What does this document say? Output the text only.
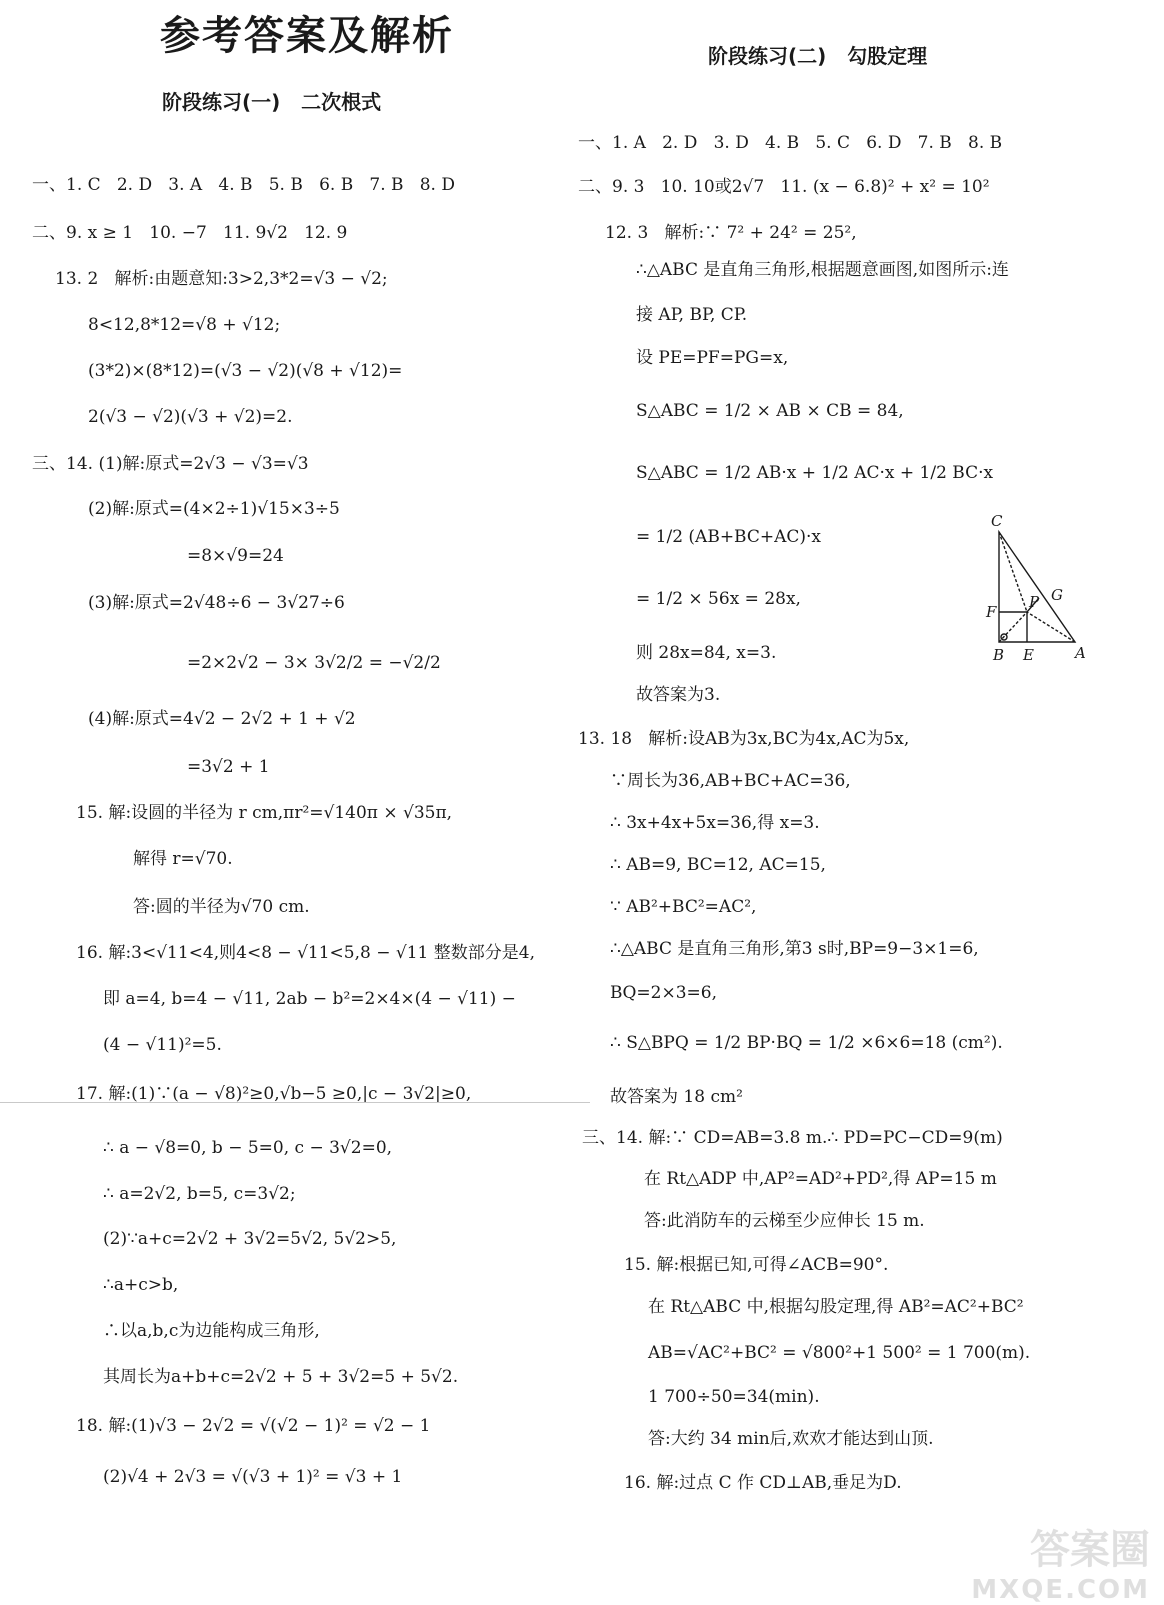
参考答案及解析
阶段练习(一)   二次根式
阶段练习(二)   勾股定理
一、1. C   2. D   3. A   4. B   5. B   6. B   7. B   8. D
二、9. x ≥ 1   10. −7   11. 9√2   12. 9
13. 2   解析:由题意知:3>2,3*2=√3 − √2;
8<12,8*12=√8 + √12;
(3*2)×(8*12)=(√3 − √2)(√8 + √12)=
2(√3 − √2)(√3 + √2)=2.
三、14. (1)解:原式=2√3 − √3=√3
(2)解:原式=(4×2÷1)√15×3÷5
=8×√9=24
(3)解:原式=2√48÷6 − 3√27÷6
=2×2√2 − 3× 3√2/2 = −√2/2
(4)解:原式=4√2 − 2√2 + 1 + √2
=3√2 + 1
15. 解:设圆的半径为 r cm,πr²=√140π × √35π,
解得 r=√70.
答:圆的半径为√70 cm.
16. 解:3<√11<4,则4<8 − √11<5,8 − √11 整数部分是4,
即 a=4, b=4 − √11, 2ab − b²=2×4×(4 − √11) −
(4 − √11)²=5.
17. 解:(1)∵(a − √8)²≥0,√b−5 ≥0,|c − 3√2|≥0,
∴ a − √8=0, b − 5=0, c − 3√2=0,
∴ a=2√2, b=5, c=3√2;
(2)∵a+c=2√2 + 3√2=5√2, 5√2>5,
∴a+c>b,
∴以a,b,c为边能构成三角形,
其周长为a+b+c=2√2 + 5 + 3√2=5 + 5√2.
18. 解:(1)√3 − 2√2 = √(√2 − 1)² = √2 − 1
(2)√4 + 2√3 = √(√3 + 1)² = √3 + 1
一、1. A   2. D   3. D   4. B   5. C   6. D   7. B   8. B
二、9. 3   10. 10或2√7   11. (x − 6.8)² + x² = 10²
12. 3   解析:∵ 7² + 24² = 25²,
∴△ABC 是直角三角形,根据题意画图,如图所示:连
接 AP, BP, CP.
设 PE=PF=PG=x,
S△ABC = 1/2 × AB × CB = 84,
S△ABC = 1/2 AB·x + 1/2 AC·x + 1/2 BC·x
= 1/2 (AB+BC+AC)·x
= 1/2 × 56x = 28x,
则 28x=84, x=3.
故答案为3.
13. 18   解析:设AB为3x,BC为4x,AC为5x,
∵周长为36,AB+BC+AC=36,
∴ 3x+4x+5x=36,得 x=3.
∴ AB=9, BC=12, AC=15,
∵ AB²+BC²=AC²,
∴△ABC 是直角三角形,第3 s时,BP=9−3×1=6,
BQ=2×3=6,
∴ S△BPQ = 1/2 BP·BQ = 1/2 ×6×6=18 (cm²).
故答案为 18 cm²
三、14. 解:∵ CD=AB=3.8 m.∴ PD=PC−CD=9(m)
在 Rt△ADP 中,AP²=AD²+PD²,得 AP=15 m
答:此消防车的云梯至少应伸长 15 m.
15. 解:根据已知,可得∠ACB=90°.
在 Rt△ABC 中,根据勾股定理,得 AB²=AC²+BC²
AB=√AC²+BC² = √800²+1 500² = 1 700(m).
1 700÷50=34(min).
答:大约 34 min后,欢欢才能达到山顶.
16. 解:过点 C 作 CD⊥AB,垂足为D.
C
G
P
F
B E	A
答案圈
MXQE.COM
